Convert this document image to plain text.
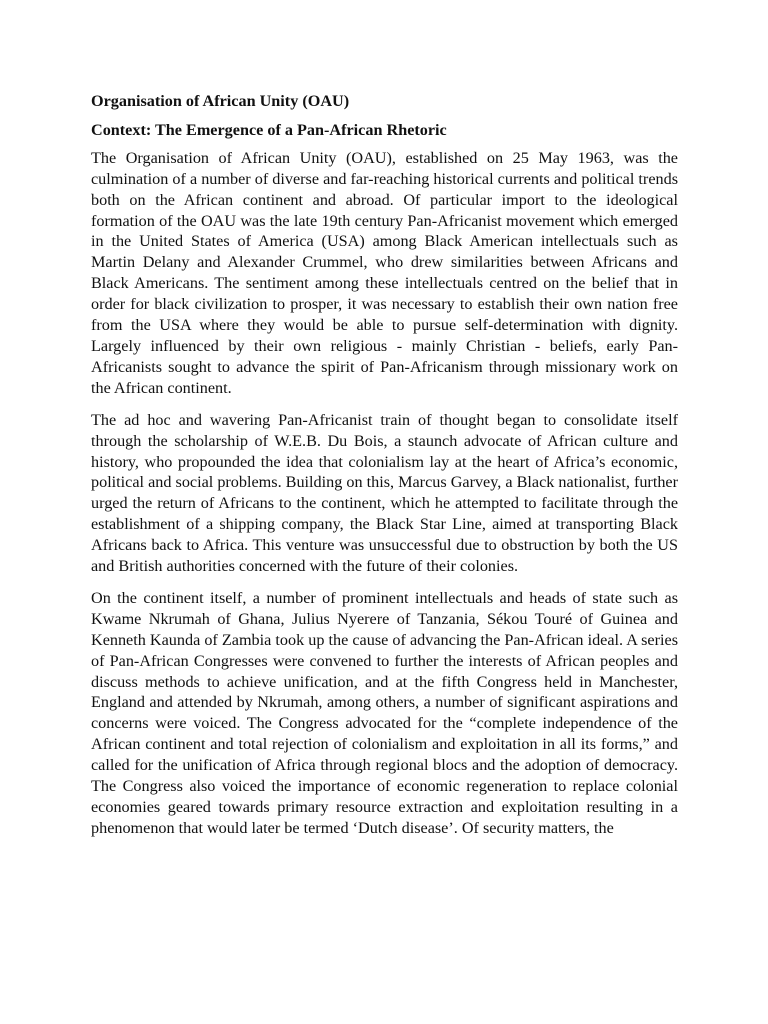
Organisation of African Unity (OAU)
Context: The Emergence of a Pan-African Rhetoric

The Organisation of African Unity (OAU), established on 25 May 1963, was the culmination of a number of diverse and far-reaching historical currents and political trends both on the African continent and abroad. Of particular import to the ideological formation of the OAU was the late 19th century Pan-Africanist movement which emerged in the United States of America (USA) among Black American intellectuals such as Martin Delany and Alexander Crummel, who drew similarities between Africans and Black Americans. The sentiment among these intellectuals centred on the belief that in order for black civilization to prosper, it was necessary to establish their own nation free from the USA where they would be able to pursue self-determination with dignity. Largely influenced by their own religious - mainly Christian - beliefs, early Pan-Africanists sought to advance the spirit of Pan-Africanism through missionary work on the African continent.

The ad hoc and wavering Pan-Africanist train of thought began to consolidate itself through the scholarship of W.E.B. Du Bois, a staunch advocate of African culture and history, who propounded the idea that colonialism lay at the heart of Africa’s economic, political and social problems. Building on this, Marcus Garvey, a Black nationalist, further urged the return of Africans to the continent, which he attempted to facilitate through the establishment of a shipping company, the Black Star Line, aimed at transporting Black Africans back to Africa. This venture was unsuccessful due to obstruction by both the US and British authorities concerned with the future of their colonies.

On the continent itself, a number of prominent intellectuals and heads of state such as Kwame Nkrumah of Ghana, Julius Nyerere of Tanzania, Sékou Touré of Guinea and Kenneth Kaunda of Zambia took up the cause of advancing the Pan-African ideal. A series of Pan-African Congresses were convened to further the interests of African peoples and discuss methods to achieve unification, and at the fifth Congress held in Manchester, England and attended by Nkrumah, among others, a number of significant aspirations and concerns were voiced. The Congress advocated for the “complete independence of the African continent and total rejection of colonialism and exploitation in all its forms,” and called for the unification of Africa through regional blocs and the adoption of democracy. The Congress also voiced the importance of economic regeneration to replace colonial economies geared towards primary resource extraction and exploitation resulting in a phenomenon that would later be termed ‘Dutch disease’. Of security matters, the
